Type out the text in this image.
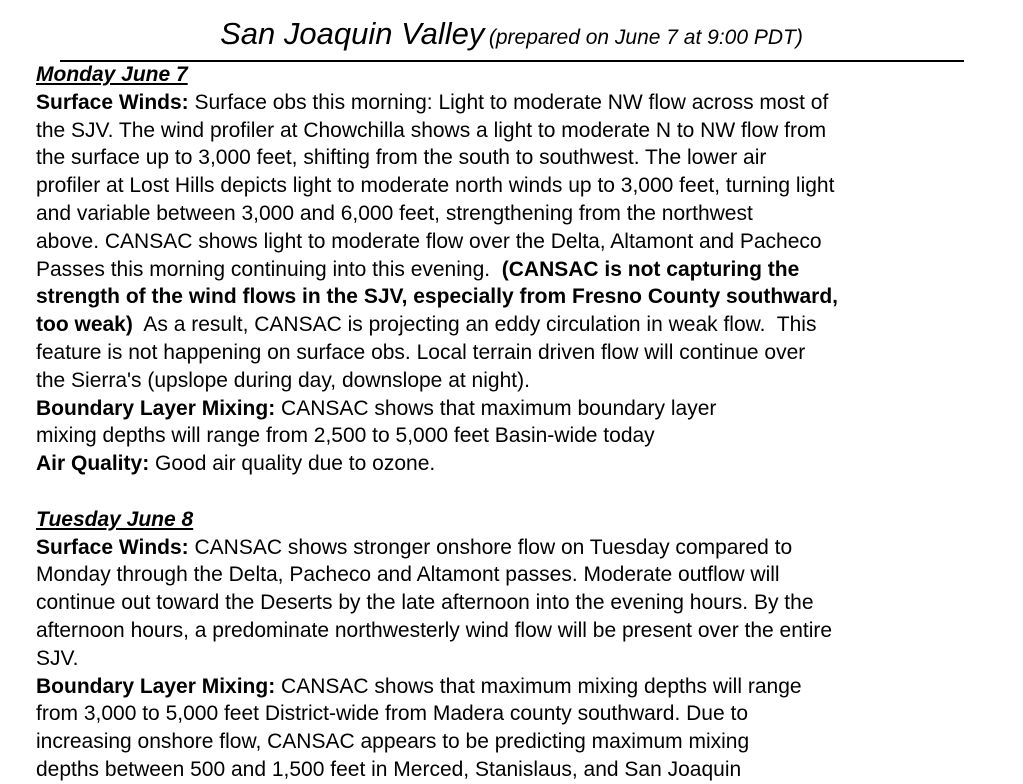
San Joaquin Valley (prepared on June 7 at 9:00 PDT)
Monday June 7
Surface Winds: Surface obs this morning: Light to moderate NW flow across most of
the SJV. The wind profiler at Chowchilla shows a light to moderate N to NW flow from
the surface up to 3,000 feet, shifting from the south to southwest. The lower air
profiler at Lost Hills depicts light to moderate north winds up to 3,000 feet, turning light
and variable between 3,000 and 6,000 feet, strengthening from the northwest
above. CANSAC shows light to moderate flow over the Delta, Altamont and Pacheco
Passes this morning continuing into this evening.  (CANSAC is not capturing the
strength of the wind flows in the SJV, especially from Fresno County southward,
too weak)  As a result, CANSAC is projecting an eddy circulation in weak flow.  This
feature is not happening on surface obs. Local terrain driven flow will continue over
the Sierra's (upslope during day, downslope at night).
Boundary Layer Mixing: CANSAC shows that maximum boundary layer
mixing depths will range from 2,500 to 5,000 feet Basin-wide today
Air Quality: Good air quality due to ozone.
Tuesday June 8
Surface Winds: CANSAC shows stronger onshore flow on Tuesday compared to
Monday through the Delta, Pacheco and Altamont passes. Moderate outflow will
continue out toward the Deserts by the late afternoon into the evening hours. By the
afternoon hours, a predominate northwesterly wind flow will be present over the entire
SJV.
Boundary Layer Mixing: CANSAC shows that maximum mixing depths will range
from 3,000 to 5,000 feet District-wide from Madera county southward. Due to
increasing onshore flow, CANSAC appears to be predicting maximum mixing
depths between 500 and 1,500 feet in Merced, Stanislaus, and San Joaquin
